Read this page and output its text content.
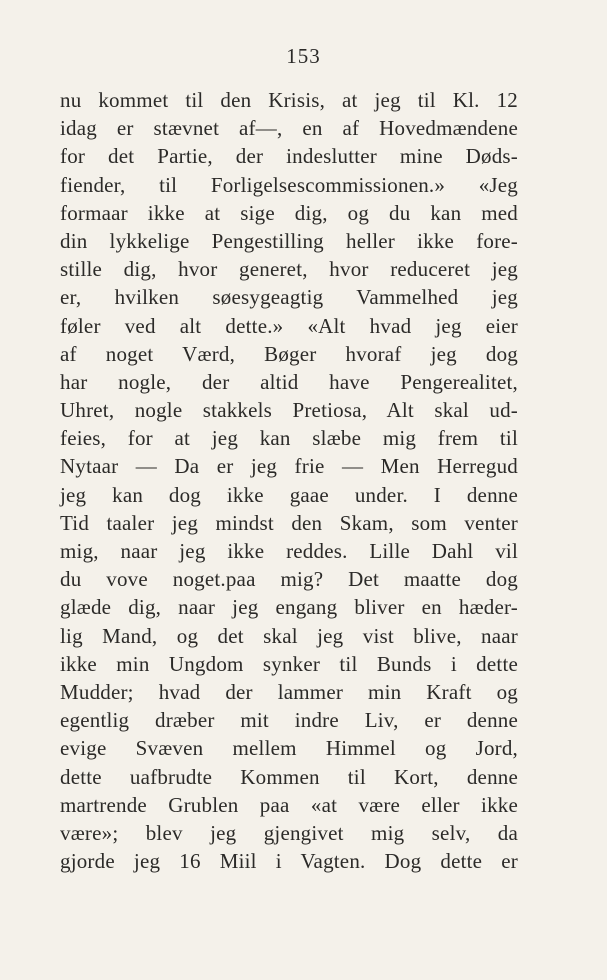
153
nu kommet til den Krisis, at jeg til Kl. 12
idag er stævnet af—, en af Hovedmændene
for det Partie, der indeslutter mine Døds-
fiender, til Forligelsescommissionen.» «Jeg
formaar ikke at sige dig, og du kan med
din lykkelige Pengestilling heller ikke fore-
stille dig, hvor generet, hvor reduceret jeg
er, hvilken søesygeagtig Vammelhed jeg
føler ved alt dette.» «Alt hvad jeg eier
af noget Værd, Bøger hvoraf jeg dog
har nogle, der altid have Pengerealitet,
Uhret, nogle stakkels Pretiosa, Alt skal ud-
feies, for at jeg kan slæbe mig frem til
Nytaar — Da er jeg frie — Men Herregud
jeg kan dog ikke gaae under. I denne
Tid taaler jeg mindst den Skam, som venter
mig, naar jeg ikke reddes. Lille Dahl vil
du vove noget.paa mig? Det maatte dog
glæde dig, naar jeg engang bliver en hæder-
lig Mand, og det skal jeg vist blive, naar
ikke min Ungdom synker til Bunds i dette
Mudder; hvad der lammer min Kraft og
egentlig dræber mit indre Liv, er denne
evige Svæven mellem Himmel og Jord,
dette uafbrudte Kommen til Kort, denne
martrende Grublen paa «at være eller ikke
være»; blev jeg gjengivet mig selv, da
gjorde jeg 16 Miil i Vagten. Dog dette er
